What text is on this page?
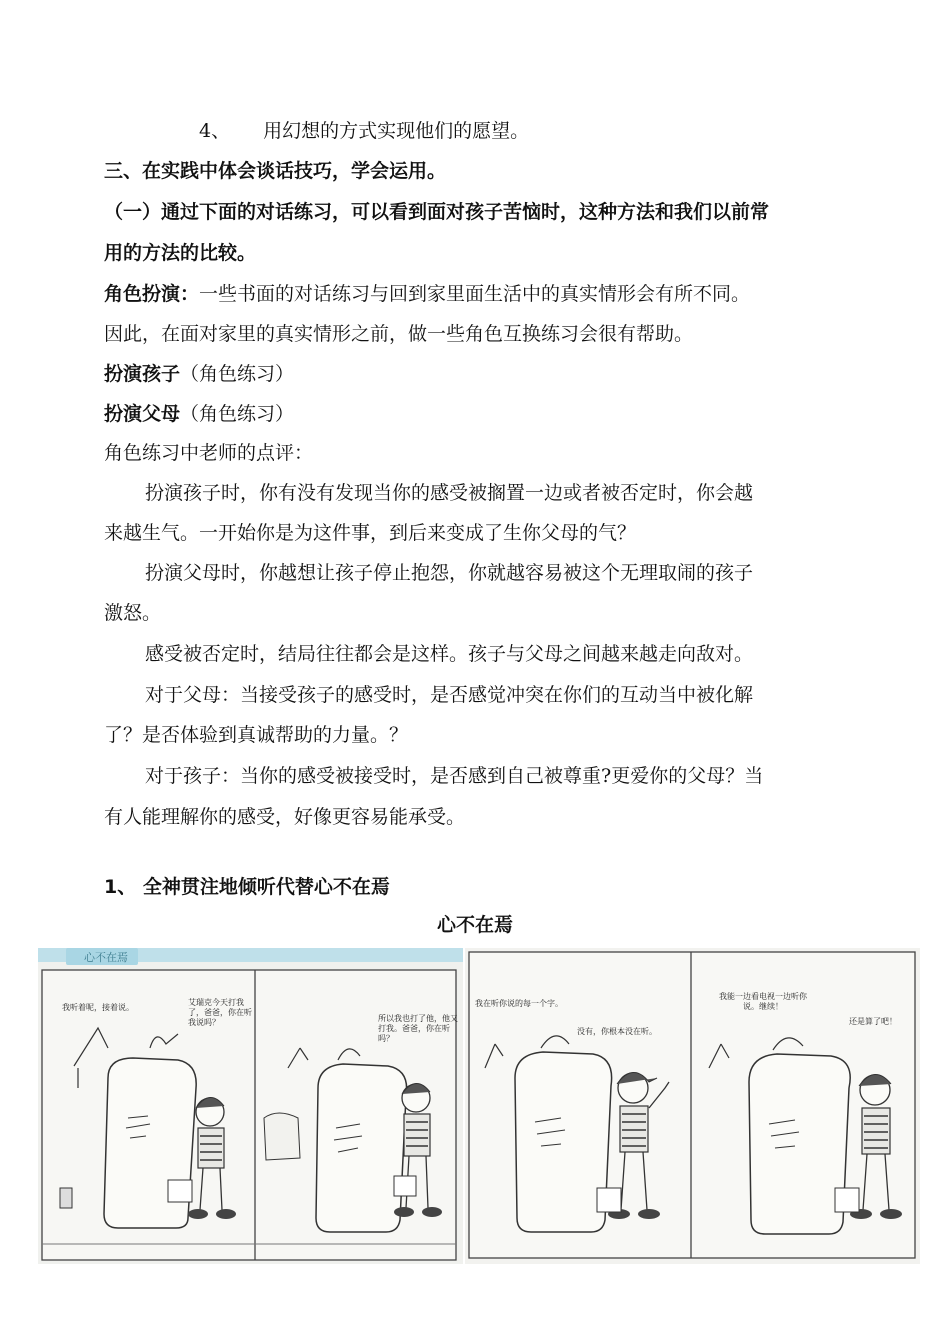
4、 用幻想的方式实现他们的愿望。
三、在实践中体会谈话技巧，学会运用。
（一）通过下面的对话练习，可以看到面对孩子苦恼时，这种方法和我们以前常
用的方法的比较。
角色扮演：一些书面的对话练习与回到家里面生活中的真实情形会有所不同。
因此，在面对家里的真实情形之前，做一些角色互换练习会很有帮助。
扮演孩子（角色练习）
扮演父母（角色练习）
角色练习中老师的点评：
扮演孩子时，你有没有发现当你的感受被搁置一边或者被否定时，你会越
来越生气。一开始你是为这件事，到后来变成了生你父母的气？
扮演父母时，你越想让孩子停止抱怨，你就越容易被这个无理取闹的孩子
激怒。
感受被否定时，结局往往都会是这样。孩子与父母之间越来越走向敌对。
对于父母：当接受孩子的感受时，是否感觉冲突在你们的互动当中被化解
了？是否体验到真诚帮助的力量。？
对于孩子：当你的感受被接受时，是否感到自己被尊重?更爱你的父母？当
有人能理解你的感受，好像更容易能承受。
1、 全神贯注地倾听代替心不在焉
心不在焉
心不在焉
我听着呢，接着说。
艾瑞克今天打我了，爸爸，你在听我说吗？	所以我也打了他，他又打我。爸爸，你在听吗？
我在听你说的每一个字。
没有，你根本没在听。
我能一边看电视一边听你说。继续！
还是算了吧！
